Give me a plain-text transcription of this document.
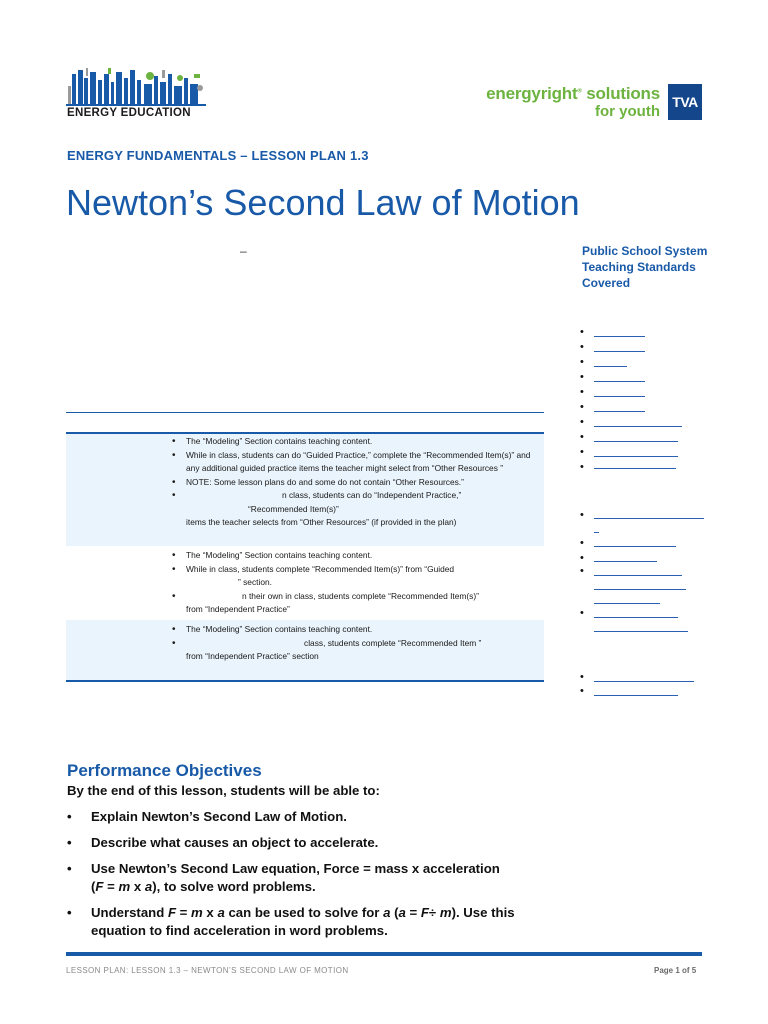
ENERGY EDUCATION
energyright® solutions
for youth
TVA
ENERGY FUNDAMENTALS – LESSON PLAN 1.3
Newton’s Second Law of Motion
–	Public School System Teaching Standards Covered
•
•
•
•
•
•
•
•
•
•
•
•
•
•
•
•
•
• The “Modeling” Section contains teaching content.
• While in class, students can do “Guided Practice,” complete the “Recommended Item(s)” and any additional guided practice items the teacher might select from “Other Resources ”
• NOTE: Some lesson plans do and some do not contain “Other Resources.”
• n class, students can do “Independent Practice,”
“Recommended Item(s)”
items the teacher selects from “Other Resources” (if provided in the plan)
• The “Modeling” Section contains teaching content.
• While in class, students complete “Recommended Item(s)” from “Guided
” section.
• n their own in class, students complete “Recommended Item(s)”
from “Independent Practice”
• The “Modeling” Section contains teaching content.
• class, students complete “Recommended Item ”
from “Independent Practice” section
Performance Objectives
By the end of this lesson, students will be able to:
• Explain Newton’s Second Law of Motion.
• Describe what causes an object to accelerate.
• Use Newton’s Second Law equation, Force = mass x acceleration
(F = m x a), to solve word problems.
• Understand F = m x a can be used to solve for a (a = F÷ m). Use this
equation to find acceleration in word problems.
LESSON PLAN: LESSON 1.3 – NEWTON’S SECOND LAW OF MOTION	Page 1 of 5
